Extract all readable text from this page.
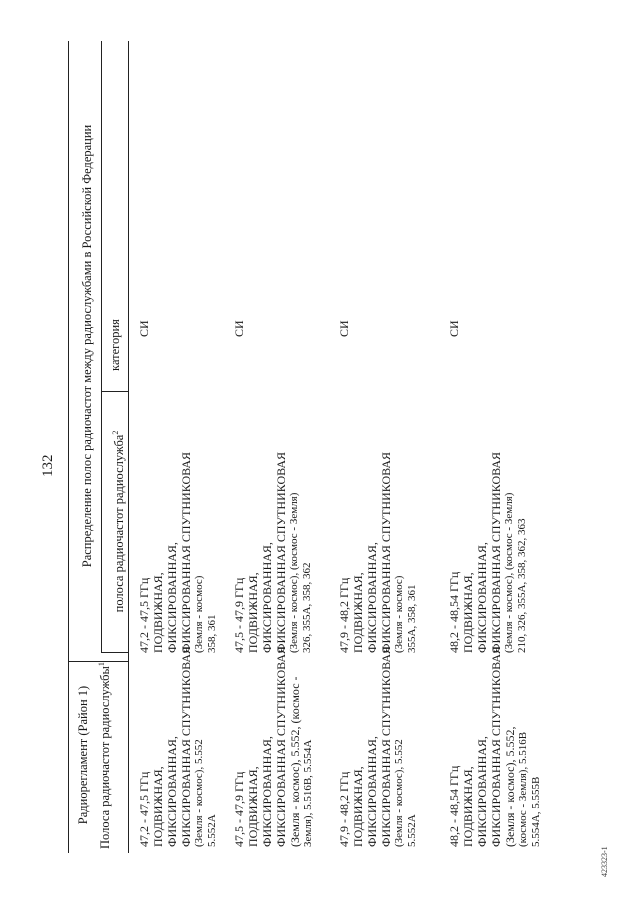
132
Радиорегламент (Район 1) Полоса радиочастот радиослужбы$^1$
Распределение полос радиочастот между радиослужбами в Российской Федерации	полоса радиочастот радиослужба$^2$
категория
47,2 - 47,5 ГГц ПОДВИЖНАЯ, ФИКСИРОВАННАЯ, ФИКСИРОВАННАЯ СПУТНИКОВАЯ (Земля - космос), 5.552 5.552A
47,2 - 47,5 ГГц ПОДВИЖНАЯ, ФИКСИРОВАННАЯ, ФИКСИРОВАННАЯ СПУТНИКОВАЯ (Земля - космос) 358, 361
СИ
47,5 - 47,9 ГГц ПОДВИЖНАЯ, ФИКСИРОВАННАЯ, ФИКСИРОВАННАЯ СПУТНИКОВАЯ (Земля - космос), 5.552, (космос - Земля), 5.516B, 5.554A
47,5 - 47,9 ГГц ПОДВИЖНАЯ, ФИКСИРОВАННАЯ, ФИКСИРОВАННАЯ СПУТНИКОВАЯ (Земля - космос), (космос - Земля) 326, 355A, 358, 362
СИ
47,9 - 48,2 ГГц ПОДВИЖНАЯ, ФИКСИРОВАННАЯ, ФИКСИРОВАННАЯ СПУТНИКОВАЯ (Земля - космос), 5.552 5.552A
47,9 - 48,2 ГГц ПОДВИЖНАЯ, ФИКСИРОВАННАЯ, ФИКСИРОВАННАЯ СПУТНИКОВАЯ (Земля - космос) 355A, 358, 361
СИ
48,2 - 48,54 ГГц ПОДВИЖНАЯ, ФИКСИРОВАННАЯ, ФИКСИРОВАННАЯ СПУТНИКОВАЯ (Земля - космос), 5.552, (космос - Земля), 5.516B 5.554A, 5.555B
48,2 - 48,54 ГГц ПОДВИЖНАЯ, ФИКСИРОВАННАЯ, ФИКСИРОВАННАЯ СПУТНИКОВАЯ (Земля - космос), (космос - Земля) 210, 326, 355A, 358, 362, 363
СИ
423323-1
